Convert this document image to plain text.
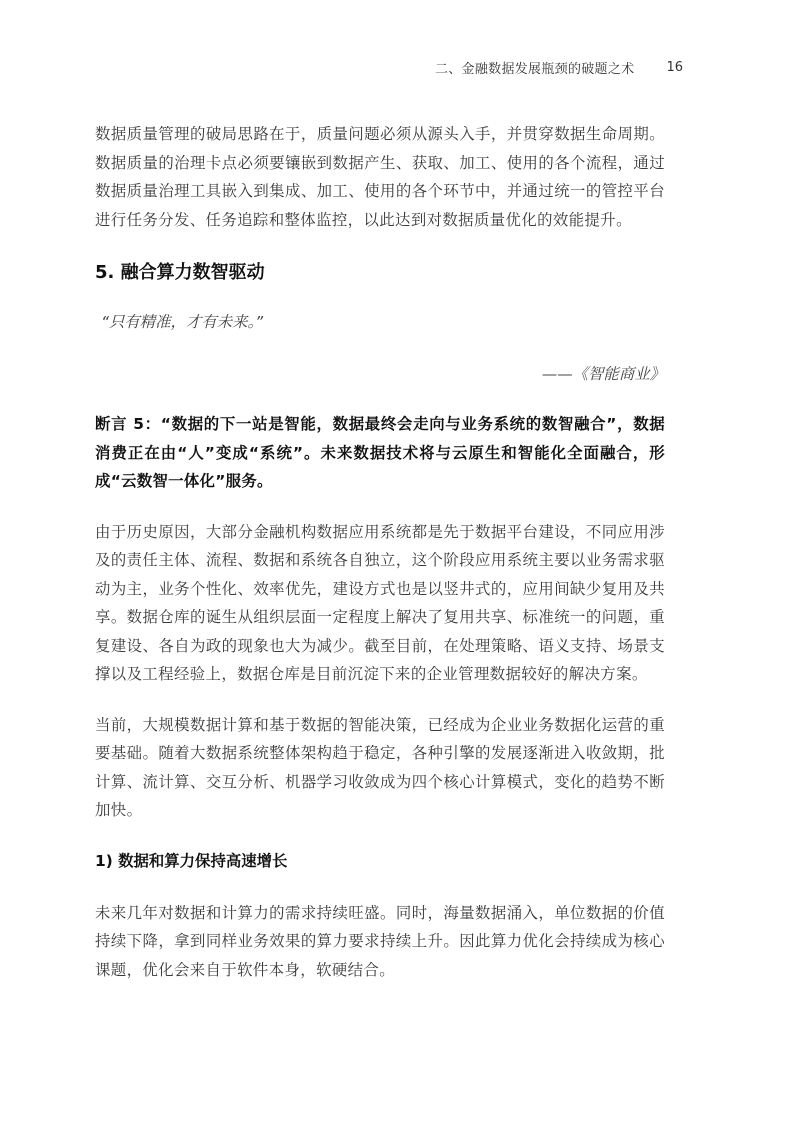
二、金融数据发展瓶颈的破题之术 16

数据质量管理的破局思路在于，质量问题必须从源头入手，并贯穿数据生命周期。数据质量的治理卡点必须要镶嵌到数据产生、获取、加工、使用的各个流程，通过数据质量治理工具嵌入到集成、加工、使用的各个环节中，并通过统一的管控平台进行任务分发、任务追踪和整体监控，以此达到对数据质量优化的效能提升。

5. 融合算力数智驱动

“只有精准，才有未来。”

——《智能商业》

断言 5：“数据的下一站是智能，数据最终会走向与业务系统的数智融合”，数据消费正在由“人”变成“系统”。未来数据技术将与云原生和智能化全面融合，形成“云数智一体化”服务。

由于历史原因，大部分金融机构数据应用系统都是先于数据平台建设，不同应用涉及的责任主体、流程、数据和系统各自独立，这个阶段应用系统主要以业务需求驱动为主，业务个性化、效率优先，建设方式也是以竖井式的，应用间缺少复用及共享。数据仓库的诞生从组织层面一定程度上解决了复用共享、标准统一的问题，重复建设、各自为政的现象也大为减少。截至目前，在处理策略、语义支持、场景支撑以及工程经验上，数据仓库是目前沉淀下来的企业管理数据较好的解决方案。

当前，大规模数据计算和基于数据的智能决策，已经成为企业业务数据化运营的重要基础。随着大数据系统整体架构趋于稳定，各种引擎的发展逐渐进入收敛期，批计算、流计算、交互分析、机器学习收敛成为四个核心计算模式，变化的趋势不断加快。

1) 数据和算力保持高速增长

未来几年对数据和计算力的需求持续旺盛。同时，海量数据涌入，单位数据的价值持续下降，拿到同样业务效果的算力要求持续上升。因此算力优化会持续成为核心课题，优化会来自于软件本身，软硬结合。
